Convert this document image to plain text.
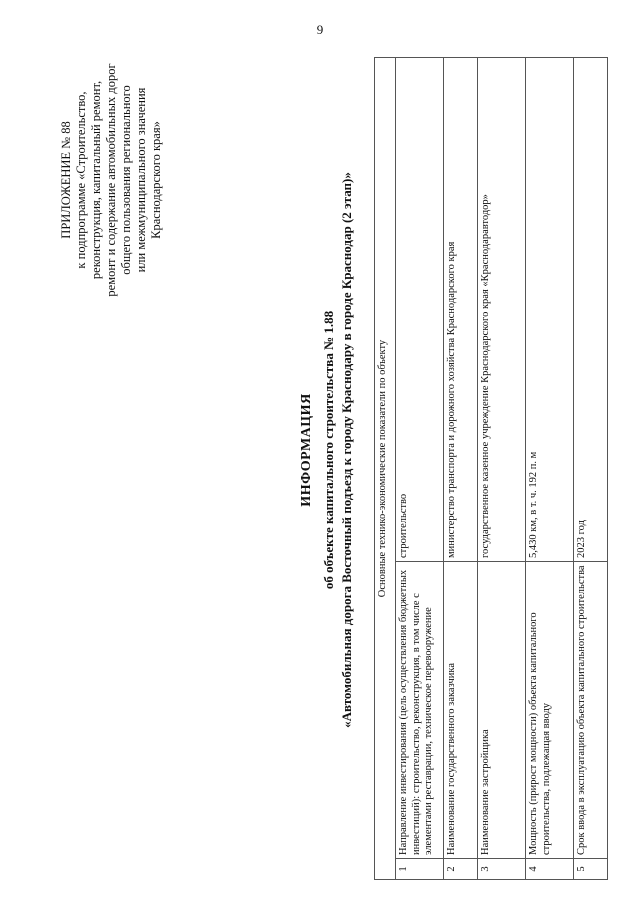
9
ПРИЛОЖЕНИЕ № 88 к подпрограмме «Строительство, реконструкция, капитальный ремонт, ремонт и содержание автомобильных дорог общего пользования регионального или межмуниципального значения Краснодарского края»
ИНФОРМАЦИЯ об объекте капитального строительства № 1.88 «Автомобильная дорога Восточный подъезд к городу Краснодару в городе Краснодар (2 этап)» Основные технико-экономические показатели по объекту		
1	Направление инвестирования (цель осуществления бюджетных инвестиций): строительство, реконструкция, в том числе с элементами реставрации, техническое перевооружение	строительство
2	Наименование государственного заказчика	министерство транспорта и дорожного хозяйства Краснодарского края
3	Наименование застройщика	государственное казенное учреждение Краснодарского края «Краснодаравтодор»
4	Мощность (прирост мощности) объекта капитального строительства, подлежащая вводу	5,430 км, в т. ч. 192 п. м
5	Срок ввода в эксплуатацию объекта капитального строительства	2023 год
